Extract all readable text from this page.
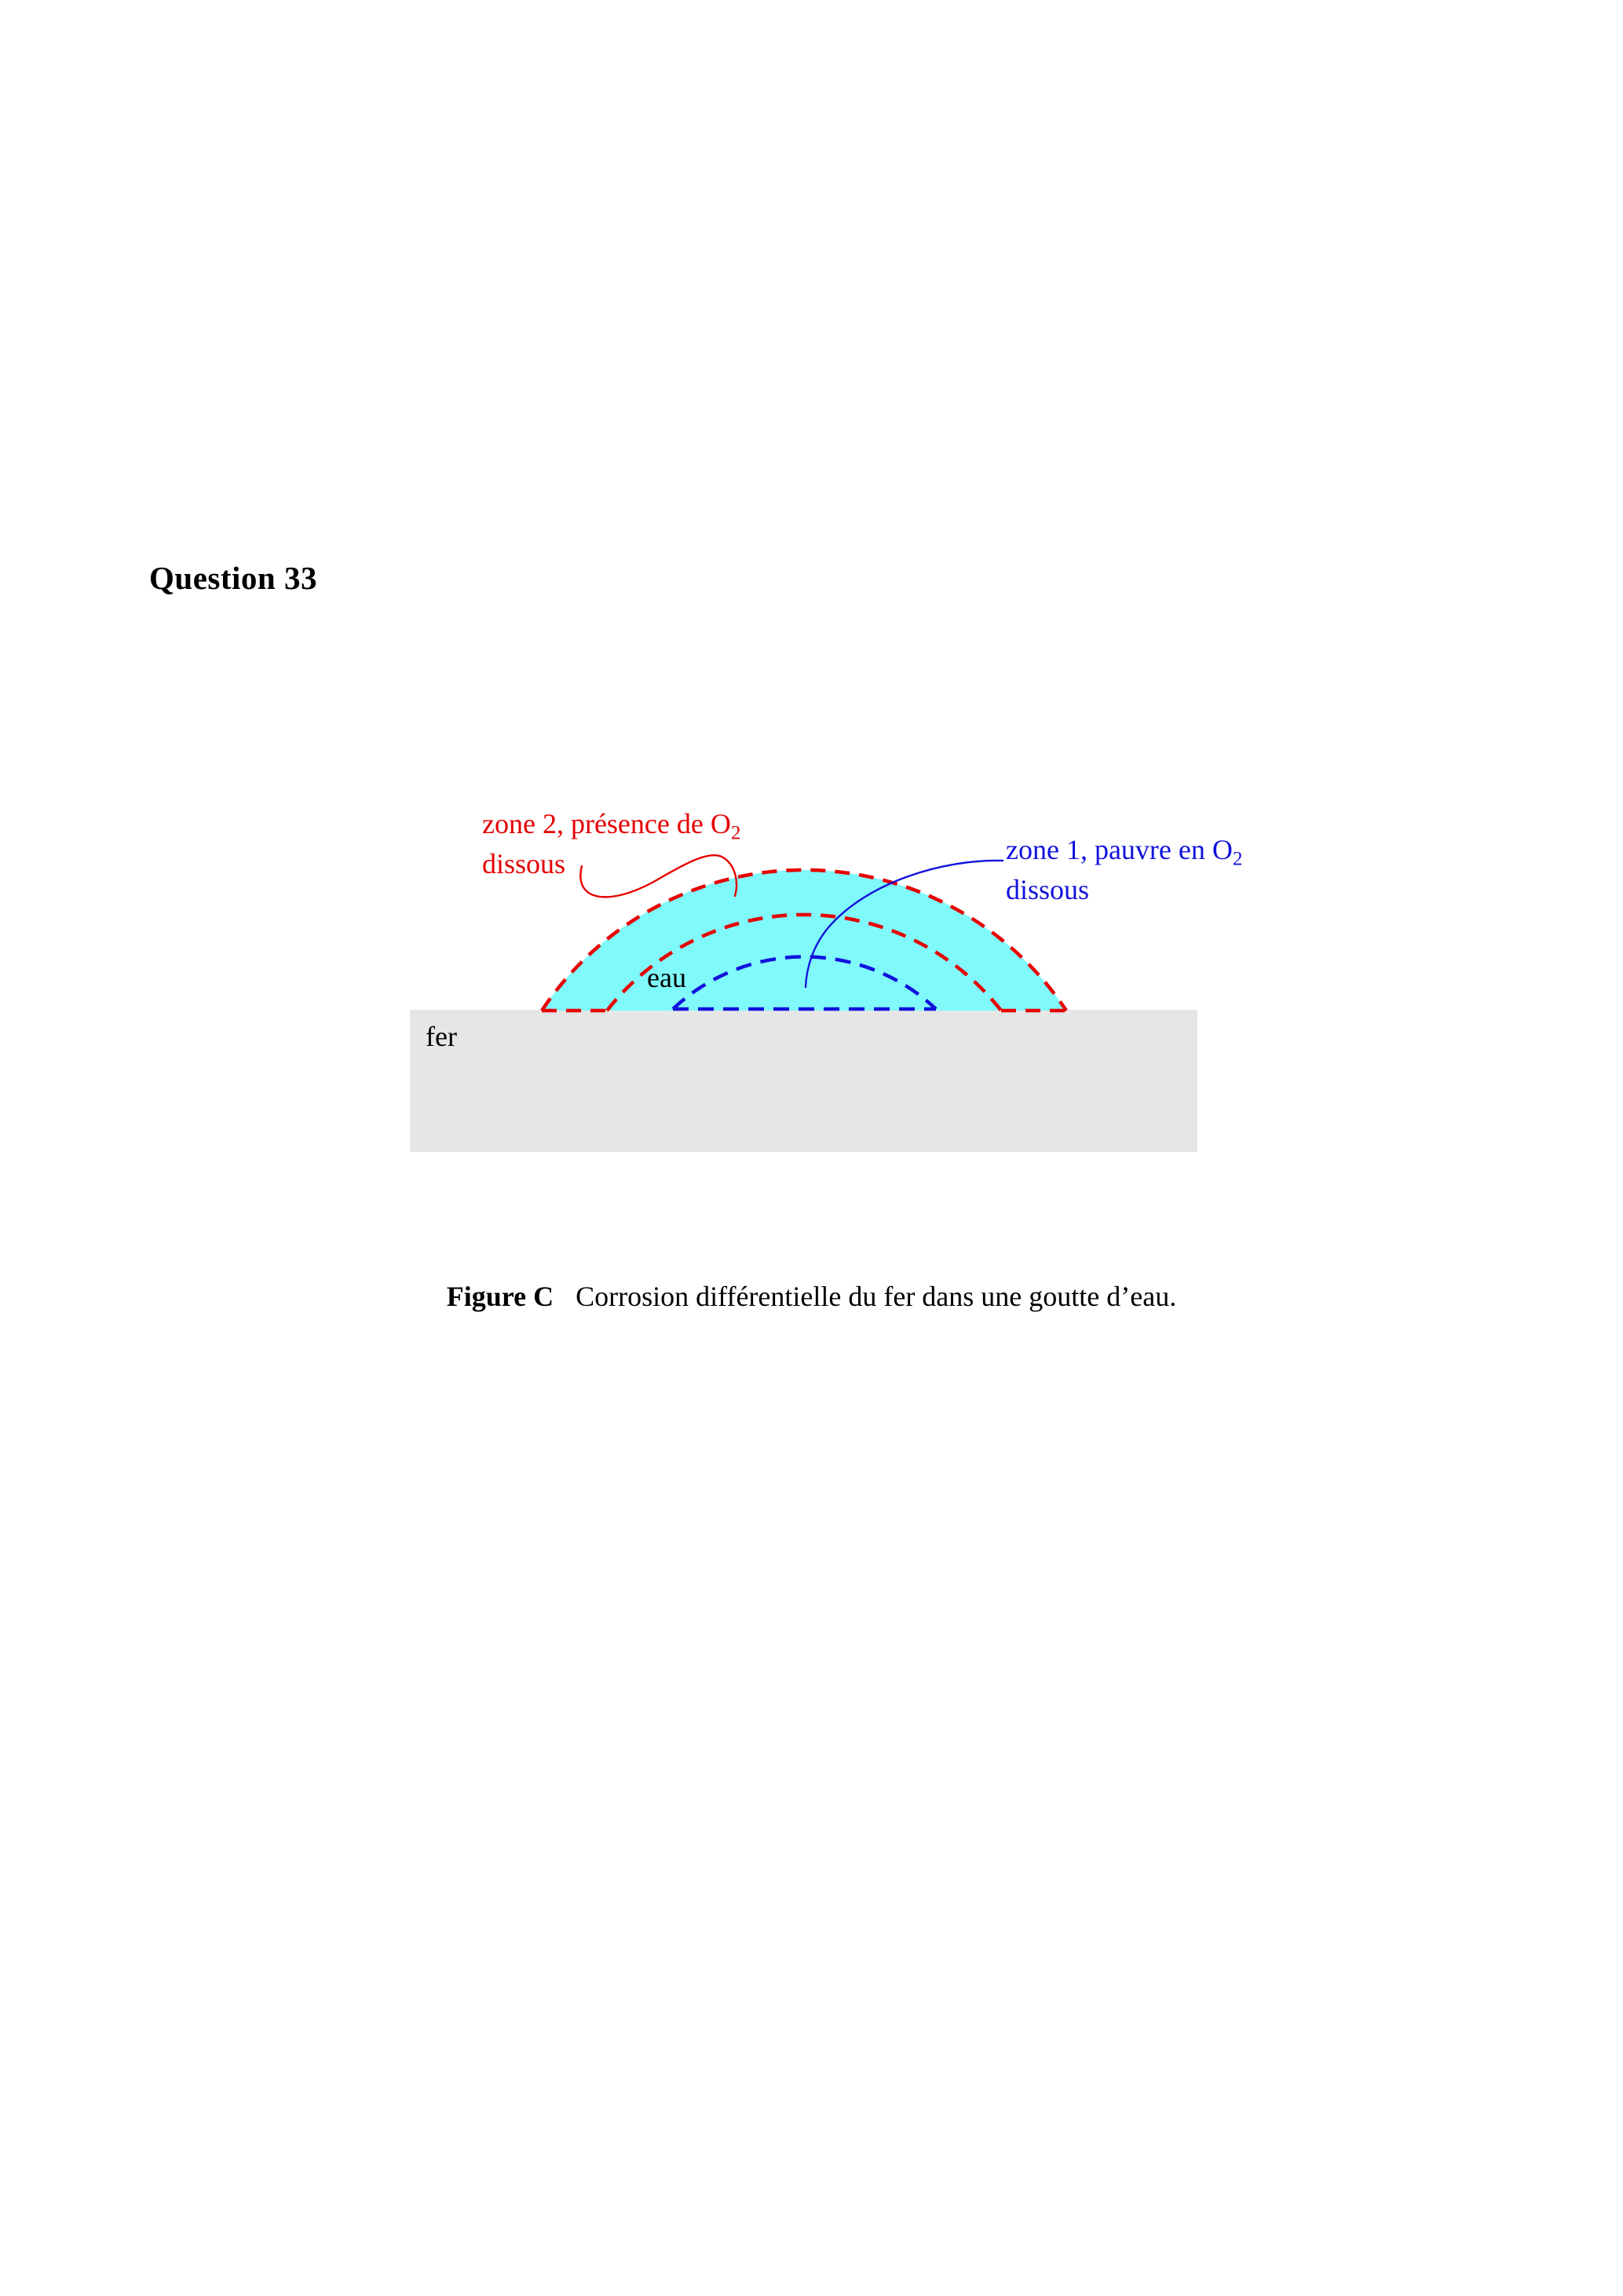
Question 33
zone 2, présence de $O_2$
dissous	zone 1, pauvre en $O_2$
dissous
eau
fer
Figure C Corrosion différentielle du fer dans une goutte d’eau.
